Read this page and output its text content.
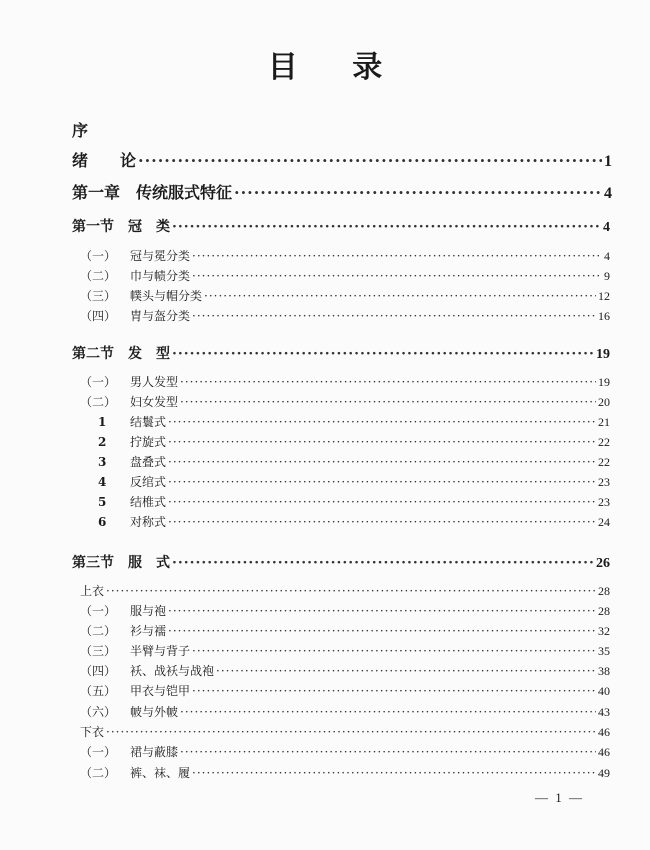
目 录
序
绪　　论 ·····	1
第一章　传统服式特征 ·····	4
第一节　冠　类 ·····	4
（一）	冠与冕分类 ·····	4
（二）	巾与帻分类 ·····	9
（三）	幞头与帽分类 ·····	12
（四）	胄与盔分类 ·····	16
第二节　发　型 ·····	19
（一）	男人发型 ·····	19
（二）	妇女发型 ·····	20
1	结鬟式 ·····	21
2	拧旋式 ·····	22
3	盘叠式 ·····	22
4	反绾式 ·····	23
5	结椎式 ·····	23
6	对称式 ·····	24
第三节　服　式 ·····	26
上衣 ·····	28
（一）	服与袍 ·····	28
（二）	衫与襦 ·····	32
（三）	半臂与背子 ·····	35
（四）	袄、战袄与战袍 ·····	38
（五）	甲衣与铠甲 ·····	40
（六）	帔与外帔 ·····	43
下衣 ·····	46
（一）	裙与蔽膝 ·····	46
（二）	裤、袜、履 ·····	49
— 1 —
